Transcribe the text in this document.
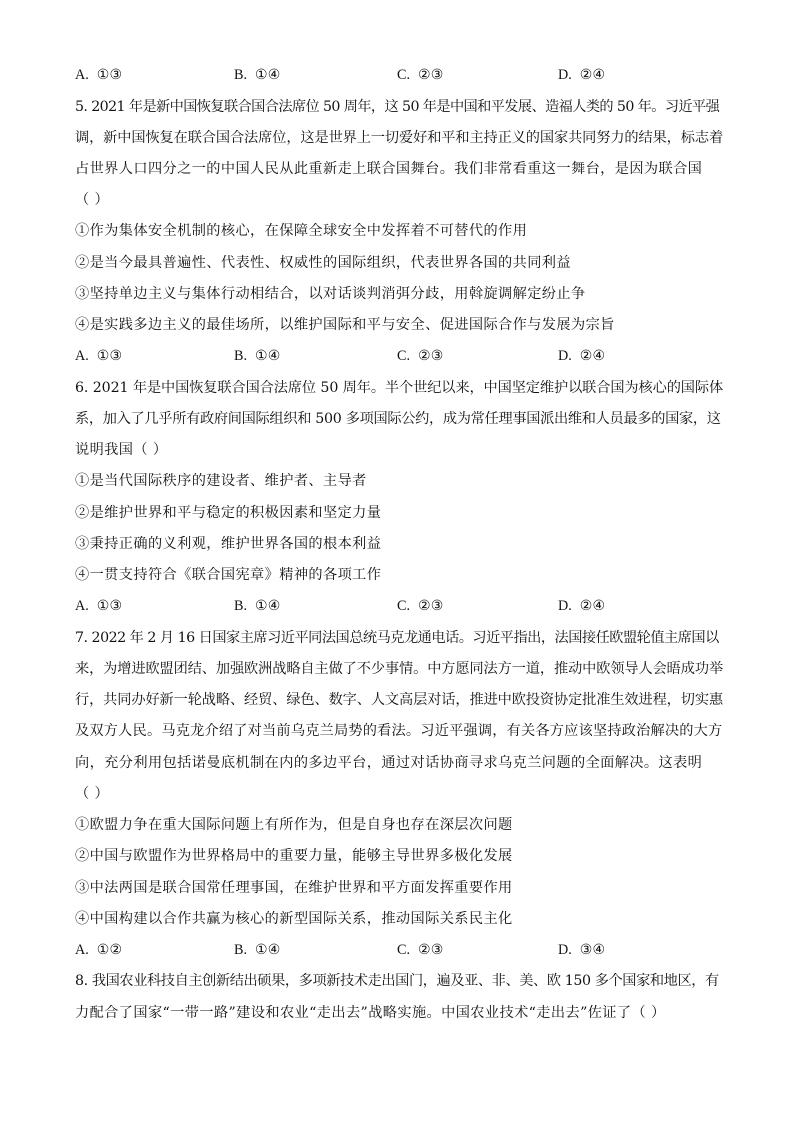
A. ①③	B. ①④	C. ②③	D. ②④
5. 2021 年是新中国恢复联合国合法席位 50 周年，这 50 年是中国和平发展、造福人类的 50 年。习近平强
调，新中国恢复在联合国合法席位，这是世界上一切爱好和平和主持正义的国家共同努力的结果，标志着
占世界人口四分之一的中国人民从此重新走上联合国舞台。我们非常看重这一舞台，是因为联合国
（ ）
①作为集体安全机制的核心，在保障全球安全中发挥着不可替代的作用
②是当今最具普遍性、代表性、权威性的国际组织，代表世界各国的共同利益
③坚持单边主义与集体行动相结合，以对话谈判消弭分歧，用斡旋调解定纷止争
④是实践多边主义的最佳场所，以维护国际和平与安全、促进国际合作与发展为宗旨
A. ①③	B. ①④	C. ②③	D. ②④
6. 2021 年是中国恢复联合国合法席位 50 周年。半个世纪以来，中国坚定维护以联合国为核心的国际体
系，加入了几乎所有政府间国际组织和 500 多项国际公约，成为常任理事国派出维和人员最多的国家，这
说明我国（ ）
①是当代国际秩序的建设者、维护者、主导者
②是维护世界和平与稳定的积极因素和坚定力量
③秉持正确的义利观，维护世界各国的根本利益
④一贯支持符合《联合国宪章》精神的各项工作
A. ①③	B. ①④	C. ②③	D. ②④
7. 2022 年 2 月 16 日国家主席习近平同法国总统马克龙通电话。习近平指出，法国接任欧盟轮值主席国以
来，为增进欧盟团结、加强欧洲战略自主做了不少事情。中方愿同法方一道，推动中欧领导人会晤成功举
行，共同办好新一轮战略、经贸、绿色、数字、人文高层对话，推进中欧投资协定批准生效进程，切实惠
及双方人民。马克龙介绍了对当前乌克兰局势的看法。习近平强调，有关各方应该坚持政治解决的大方
向，充分利用包括诺曼底机制在内的多边平台，通过对话协商寻求乌克兰问题的全面解决。这表明
（ ）
①欧盟力争在重大国际问题上有所作为，但是自身也存在深层次问题
②中国与欧盟作为世界格局中的重要力量，能够主导世界多极化发展
③中法两国是联合国常任理事国，在维护世界和平方面发挥重要作用
④中国构建以合作共赢为核心的新型国际关系，推动国际关系民主化
A. ①②	B. ①④	C. ②③	D. ③④
8. 我国农业科技自主创新结出硕果，多项新技术走出国门，遍及亚、非、美、欧 150 多个国家和地区，有
力配合了国家“一带一路”建设和农业“走出去”战略实施。中国农业技术“走出去”佐证了（ ）
